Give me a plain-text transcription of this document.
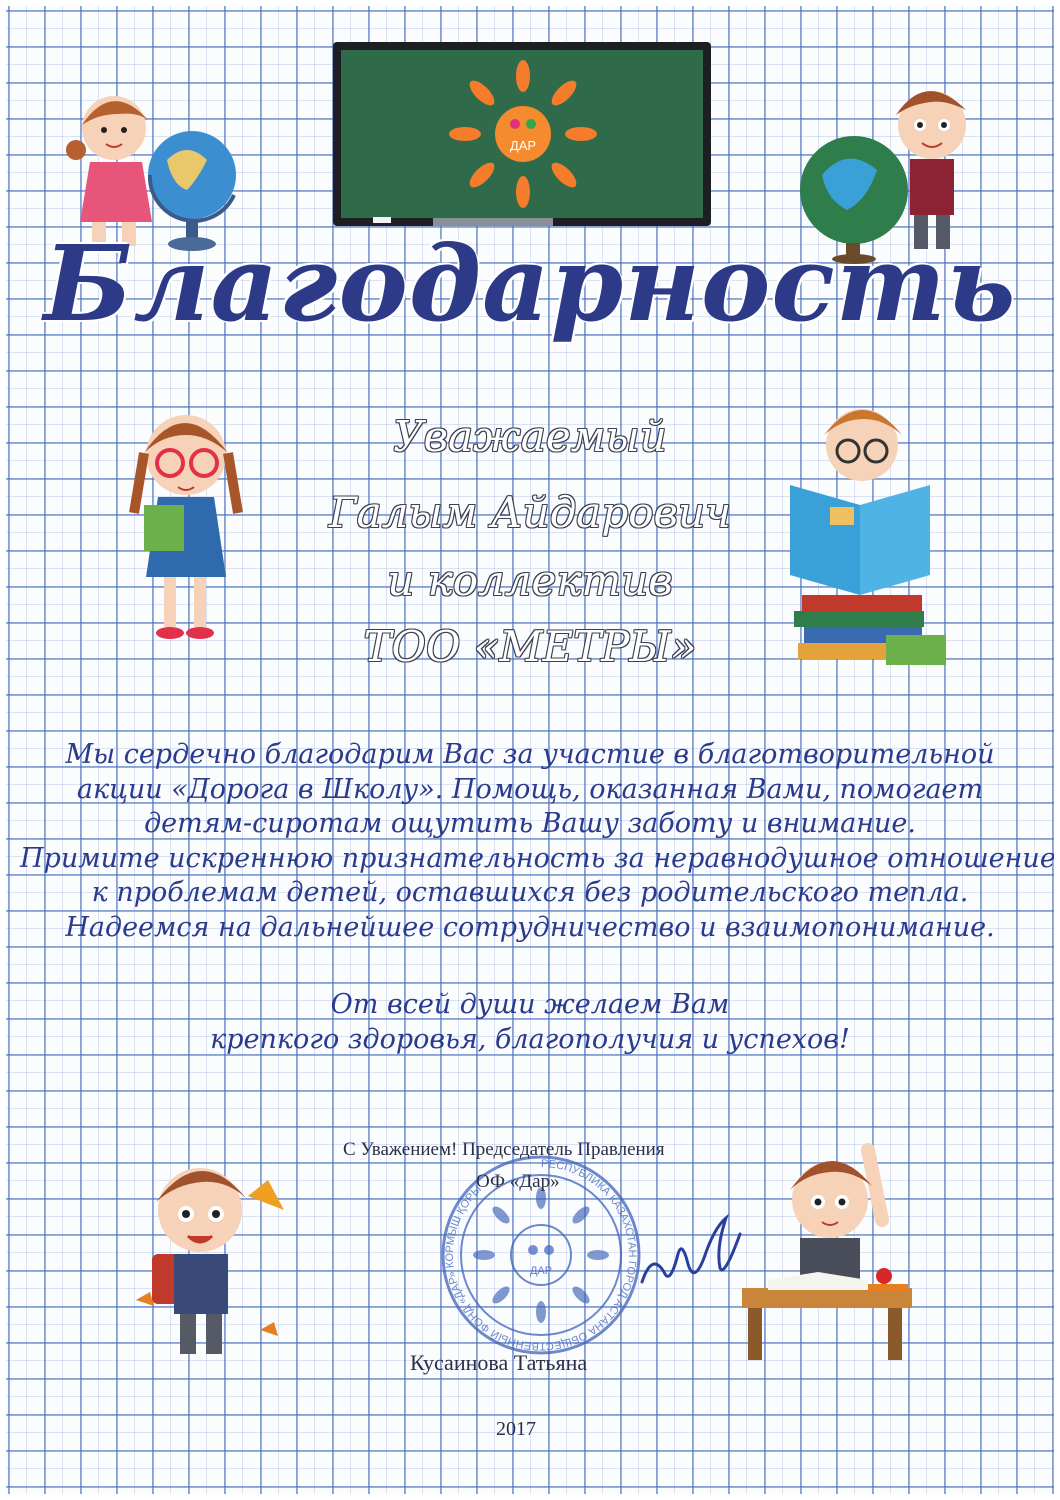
ДАР
Благодарность
Уважаемый
Галым Айдарович
и коллектив
ТОО «МЕТРЫ»
Мы сердечно благодарим Вас за участие в благотворительной
акции «Дорога в Школу». Помощь, оказанная Вами, помогает
детям-сиротам ощутить Вашу заботу и внимание.
Примите искреннюю признательность за неравнодушное отношение
к проблемам детей, оставшихся без родительского тепла.
Надеемся на дальнейшее сотрудничество и взаимопонимание.
От всей души желаем Вам
крепкого здоровья, благополучия и успехов!
РЕСПУБЛИКА КАЗАХСТАН ГОРОД АСТАНА ОБЩЕСТВЕННЫЙ ФОНД «ДАР» КОРМЫШ ҚОРЫ
ДАР
С Уважением! Председатель Правления
ОФ «Дар»
Кусаинова Татьяна
2017
